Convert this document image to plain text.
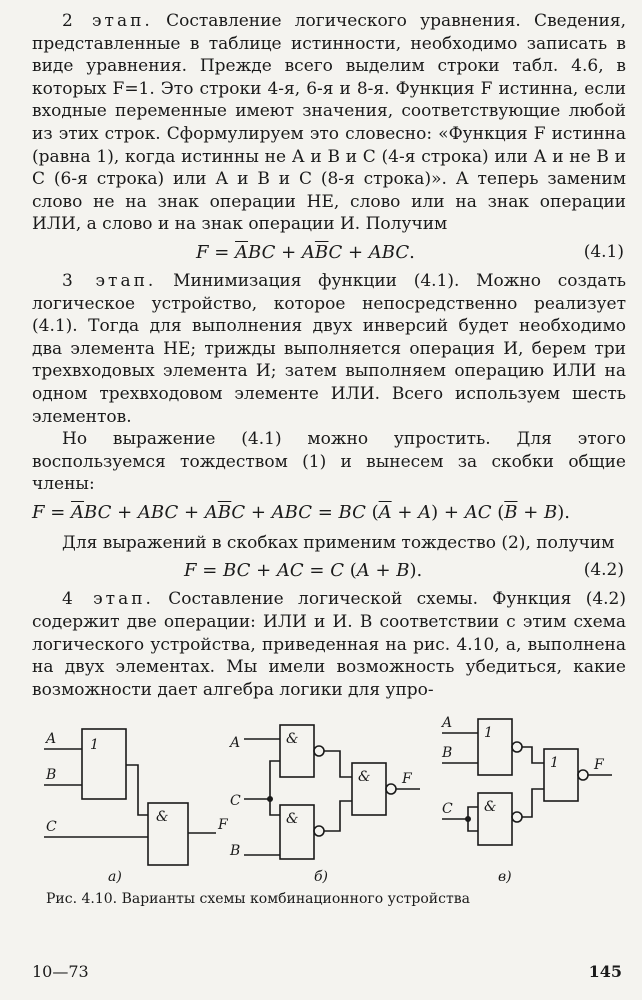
2 этап. Составление логического уравнения. Сведения, представленные в таблице истинности, необходимо записать в виде уравнения. Прежде всего выделим строки табл. 4.6, в которых F=1. Это строки 4-я, 6-я и 8-я. Функция F истинна, если входные переменные имеют значения, соответствующие любой из этих строк. Сформулируем это словесно: «Функция F истинна (равна 1), когда истинны не А и В и С (4-я строка) или А и не В и С (6-я строка) или А и В и С (8-я строка)». А теперь заменим слово не на знак операции НЕ, слово или на знак операции ИЛИ, а слово и на знак операции И. Получим

$F = \overline{A}BC + A\overline{B}C$ + ABC.	(4.1)

3 этап. Минимизация функции (4.1). Можно создать логическое устройство, которое непосредственно реализует (4.1). Тогда для выполнения двух инверсий будет необходимо два элемента НЕ; трижды выполняется операция И, берем три трехвходовых элемента И; затем выполняем операцию ИЛИ на одном трехвходовом элементе ИЛИ. Всего используем шесть элементов.

Но выражение (4.1) можно упростить. Для этого воспользуемся тождеством (1) и вынесем за скобки общие члены:

$F = \overline{A}BC$ + ABC + $A\overline{B}C$ + ABC = BC $(\overline{A} + A)$ + AC $(\overline{B} + B)$.

Для выражений в скобках применим тождество (2), получим

F = BC + AC = C (A + B).	(4.2)

4 этап. Составление логической схемы. Функция (4.2) содержит две операции: ИЛИ и И. В соответствии с этим схема логического устройства, приведенная на рис. 4.10, а, выполнена на двух элементах. Мы имели возможность убедиться, какие возможности дает алгебра логики для упро-

A
B
C
1
&	F
A
C
B
&
&
& F
A
B
C
1
&
1	F
а)	б)	в)
Рис. 4.10. Варианты схемы комбинационного устройства
10—73	145
